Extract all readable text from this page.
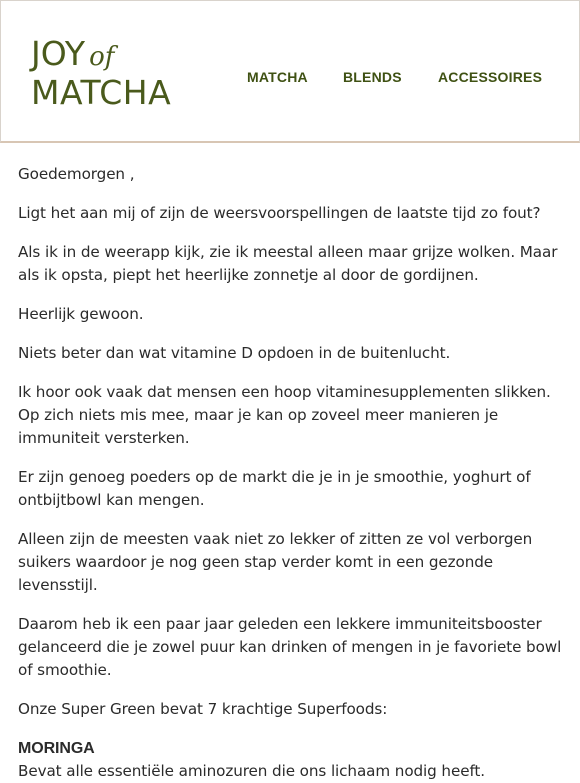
JOY of
MATCHA	MATCHA	BLENDS	ACCESSOIRES

Goedemorgen ,

Ligt het aan mij of zijn de weersvoorspellingen de laatste tijd zo fout?

Als ik in de weerapp kijk, zie ik meestal alleen maar grijze wolken. Maar als ik opsta, piept het heerlijke zonnetje al door de gordijnen.

Heerlijk gewoon.

Niets beter dan wat vitamine D opdoen in de buitenlucht.

Ik hoor ook vaak dat mensen een hoop vitaminesupplementen slikken. Op zich niets mis mee, maar je kan op zoveel meer manieren je immuniteit versterken.

Er zijn genoeg poeders op de markt die je in je smoothie, yoghurt of ontbijtbowl kan mengen.

Alleen zijn de meesten vaak niet zo lekker of zitten ze vol verborgen suikers waardoor je nog geen stap verder komt in een gezonde levensstijl.

Daarom heb ik een paar jaar geleden een lekkere immuniteitsbooster gelanceerd die je zowel puur kan drinken of mengen in je favoriete bowl of smoothie.

Onze Super Green bevat 7 krachtige Superfoods:

MORINGA
Bevat alle essentiële aminozuren die ons lichaam nodig heeft.
